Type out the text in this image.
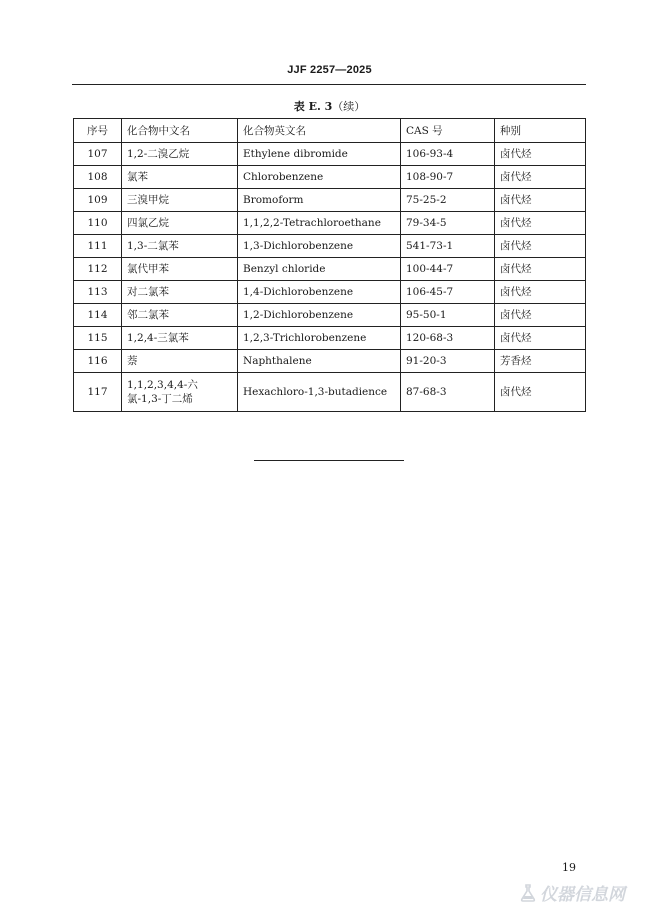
JJF 2257—2025
表 E. 3（续）
序号	化合物中文名	化合物英文名	CAS 号	种别
107	1,2-二溴乙烷	Ethylene dibromide	106-93-4	卤代烃
108	氯苯	Chlorobenzene	108-90-7	卤代烃
109	三溴甲烷	Bromoform	75-25-2	卤代烃
110	四氯乙烷	1,1,2,2-Tetrachloroethane	79-34-5	卤代烃
111	1,3-二氯苯	1,3-Dichlorobenzene	541-73-1	卤代烃
112	氯代甲苯	Benzyl chloride	100-44-7	卤代烃
113	对二氯苯	1,4-Dichlorobenzene	106-45-7	卤代烃
114	邻二氯苯	1,2-Dichlorobenzene	95-50-1	卤代烃
115	1,2,4-三氯苯	1,2,3-Trichlorobenzene	120-68-3	卤代烃
116	萘	Naphthalene	91-20-3	芳香烃
117	1,1,2,3,4,4-六氯-1,3-丁二烯	Hexachloro-1,3-butadience	87-68-3	卤代烃
19
仪器信息网
